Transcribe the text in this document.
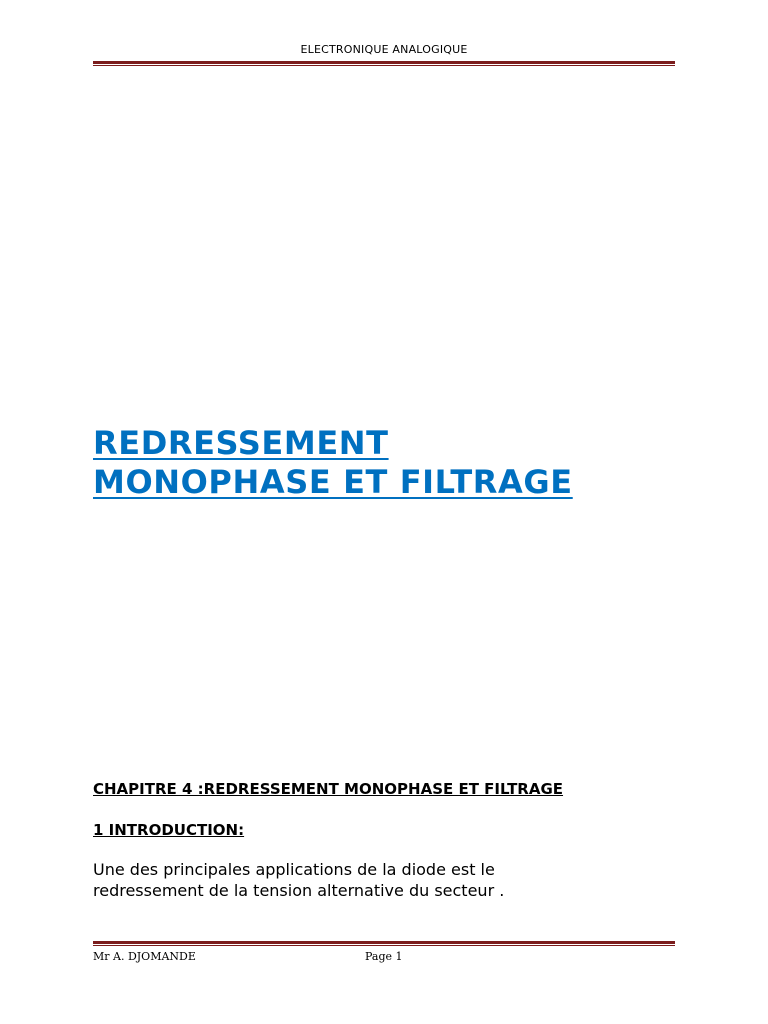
ELECTRONIQUE ANALOGIQUE
REDRESSEMENT
MONOPHASE ET FILTRAGE
CHAPITRE 4 :REDRESSEMENT MONOPHASE ET FILTRAGE
1 INTRODUCTION:
Une des principales applications de la diode est le
redressement de la tension alternative du secteur .
Mr A. DJOMANDE	Page 1
